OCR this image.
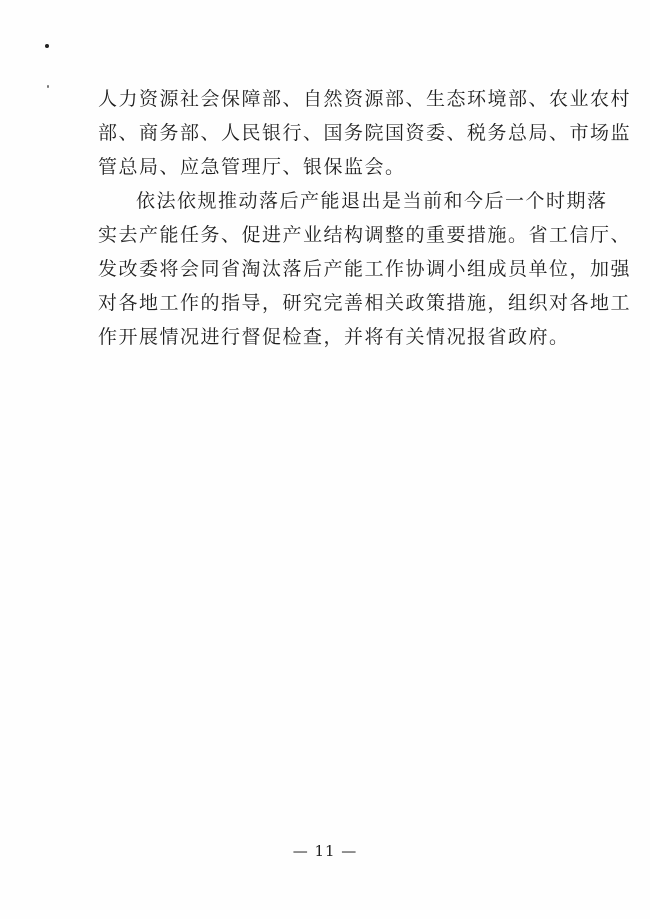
人力资源社会保障部、自然资源部、生态环境部、农业农村
部、商务部、人民银行、国务院国资委、税务总局、市场监
管总局、应急管理厅、银保监会。
依法依规推动落后产能退出是当前和今后一个时期落
实去产能任务、促进产业结构调整的重要措施。省工信厅、
发改委将会同省淘汰落后产能工作协调小组成员单位，加强
对各地工作的指导，研究完善相关政策措施，组织对各地工
作开展情况进行督促检查，并将有关情况报省政府。
— 11 —
